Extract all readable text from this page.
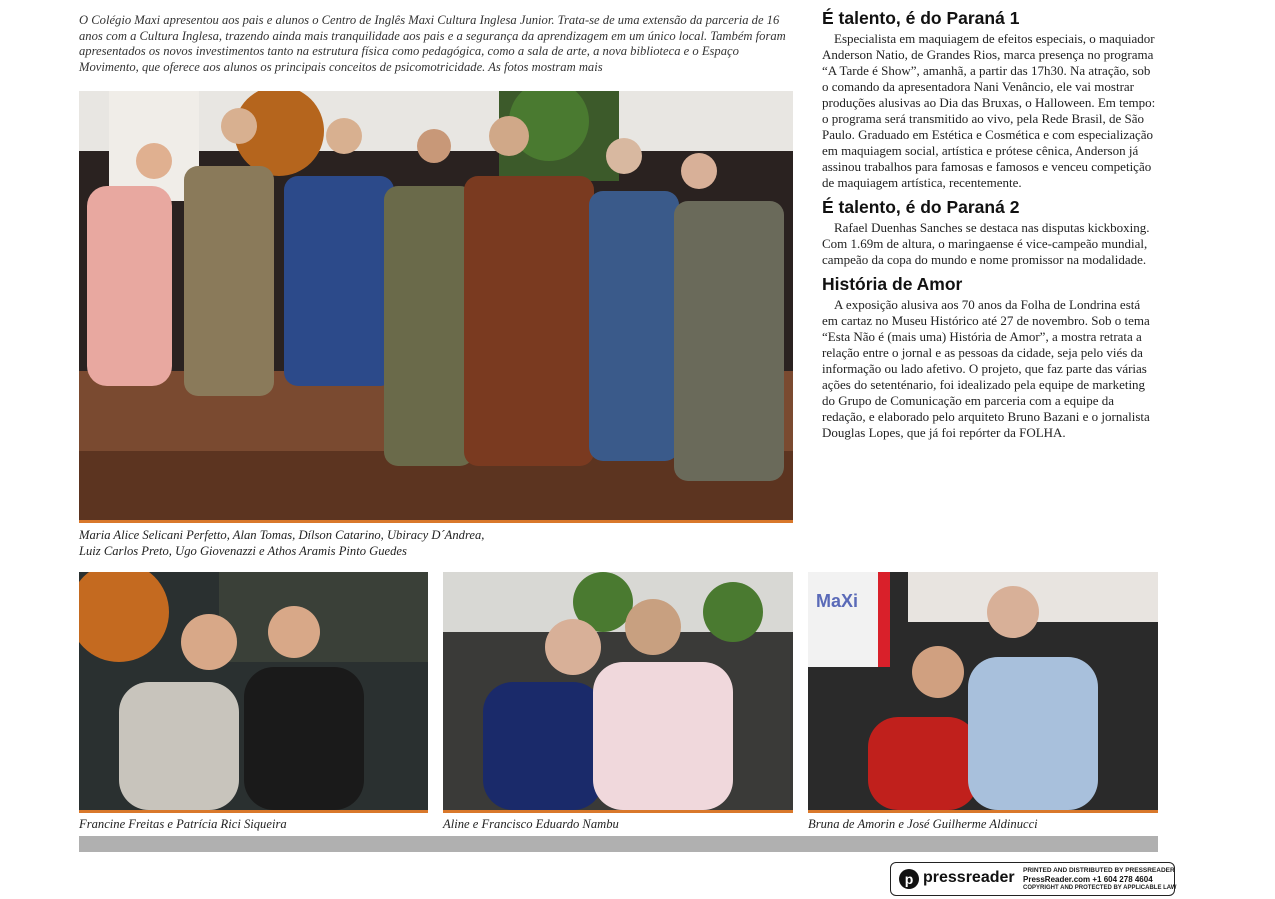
O Colégio Maxi apresentou aos pais e alunos o Centro de Inglês Maxi Cultura Inglesa Junior. Trata-se de uma extensão da parceria de 16 anos com a Cultura Inglesa, trazendo ainda mais tranquilidade aos pais e a segurança da aprendizagem em um único local. Também foram apresentados os novos investimentos tanto na estrutura física como pedagógica, como a sala de arte, a nova biblioteca e o Espaço Movimento, que oferece aos alunos os principais conceitos de psicomotricidade. As fotos mostram mais
Maria Alice Selicani Perfetto, Alan Tomas, Dílson Catarino, Ubiracy D´Andrea,
Luiz Carlos Preto, Ugo Giovenazzi e Athos Aramis Pinto Guedes
É talento, é do Paraná 1

Especialista em maquiagem de efeitos especiais, o maquiador Anderson Natio, de Grandes Rios, marca presença no programa “A Tarde é Show”, amanhã, a partir das 17h30. Na atração, sob o comando da apresentadora Nani Venâncio, ele vai mostrar produções alusivas ao Dia das Bruxas, o Halloween. Em tempo: o programa será transmitido ao vivo, pela Rede Brasil, de São Paulo. Graduado em Estética e Cosmética e com especialização em maquiagem social, artística e prótese cênica, Anderson já assinou trabalhos para famosas e famosos e venceu competição de maquiagem artística, recentemente.

É talento, é do Paraná 2

Rafael Duenhas Sanches se destaca nas disputas kickboxing. Com 1.69m de altura, o maringaense é vice-campeão mundial, campeão da copa do mundo e nome promissor na modalidade.

História de Amor

A exposição alusiva aos 70 anos da Folha de Londrina está em cartaz no Museu Histórico até 27 de novembro. Sob o tema “Esta Não é (mais uma) História de Amor”, a mostra retrata a relação entre o jornal e as pessoas da cidade, seja pelo viés da informação ou lado afetivo. O projeto, que faz parte das várias ações do setenténario, foi idealizado pela equipe de marketing do Grupo de Comunicação em parceria com a equipe da redação, e elaborado pelo arquiteto Bruno Bazani e o jornalista Douglas Lopes, que já foi repórter da FOLHA.

Francine Freitas e Patrícia Rici Siqueira	Aline e Francisco Eduardo Nambu
MaXi
Bruna de Amorin e José Guilherme Aldinucci
p pressreader PRINTED AND DISTRIBUTED BY PRESSREADER
PressReader.com +1 604 278 4604
COPYRIGHT AND PROTECTED BY APPLICABLE LAW
